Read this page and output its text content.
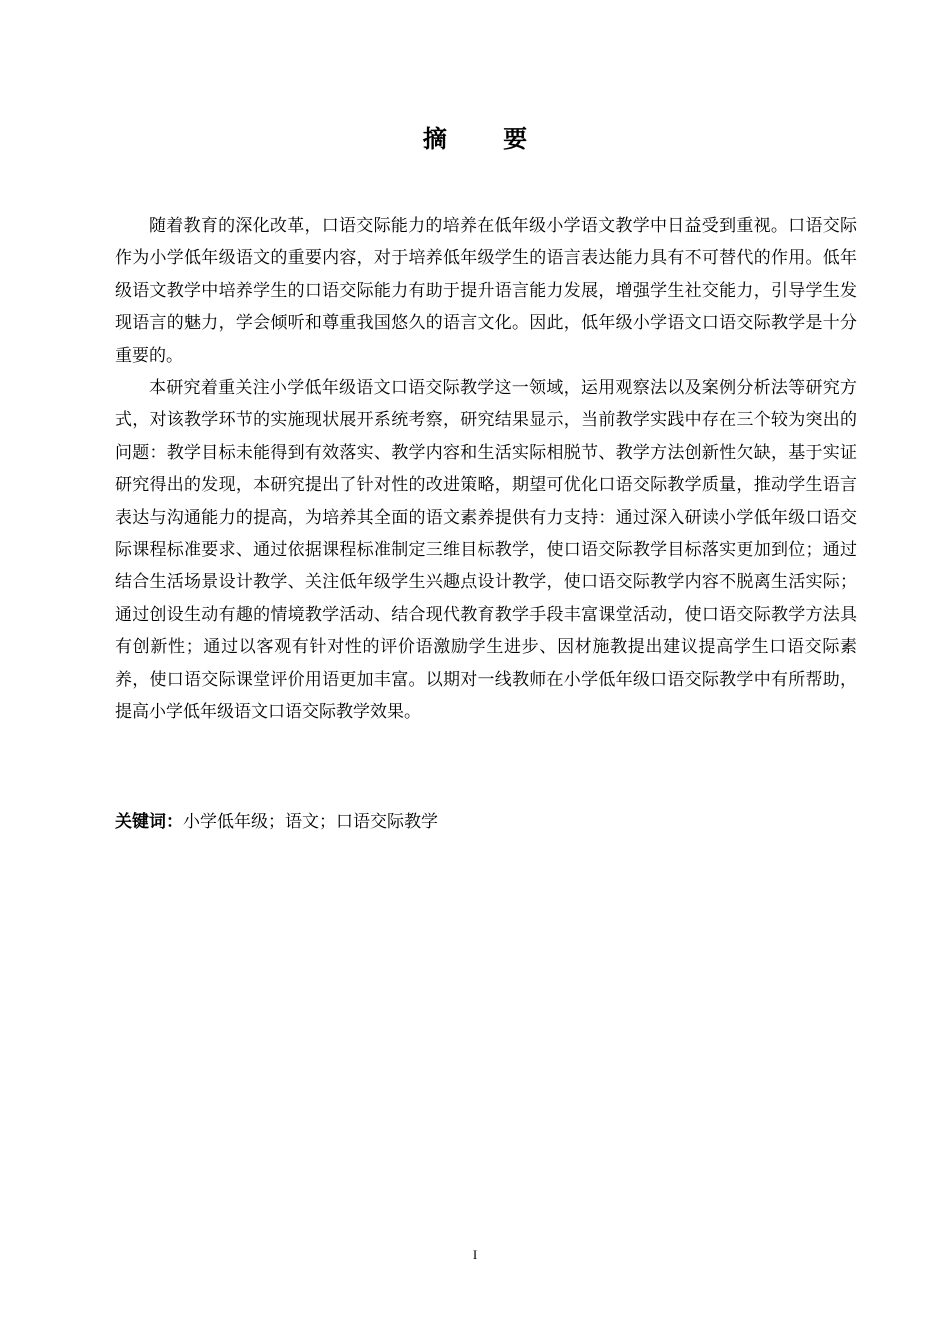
摘 要

随着教育的深化改革，口语交际能力的培养在低年级小学语文教学中日益受到重视。口语交际作为小学低年级语文的重要内容，对于培养低年级学生的语言表达能力具有不可替代的作用。低年级语文教学中培养学生的口语交际能力有助于提升语言能力发展，增强学生社交能力，引导学生发现语言的魅力，学会倾听和尊重我国悠久的语言文化。因此，低年级小学语文口语交际教学是十分重要的。

本研究着重关注小学低年级语文口语交际教学这一领域，运用观察法以及案例分析法等研究方式，对该教学环节的实施现状展开系统考察，研究结果显示，当前教学实践中存在三个较为突出的问题：教学目标未能得到有效落实、教学内容和生活实际相脱节、教学方法创新性欠缺，基于实证研究得出的发现，本研究提出了针对性的改进策略，期望可优化口语交际教学质量，推动学生语言表达与沟通能力的提高，为培养其全面的语文素养提供有力支持：通过深入研读小学低年级口语交际课程标准要求、通过依据课程标准制定三维目标教学，使口语交际教学目标落实更加到位；通过结合生活场景设计教学、关注低年级学生兴趣点设计教学，使口语交际教学内容不脱离生活实际；通过创设生动有趣的情境教学活动、结合现代教育教学手段丰富课堂活动，使口语交际教学方法具有创新性；通过以客观有针对性的评价语激励学生进步、因材施教提出建议提高学生口语交际素养，使口语交际课堂评价用语更加丰富。以期对一线教师在小学低年级口语交际教学中有所帮助，提高小学低年级语文口语交际教学效果。

关键词：小学低年级；语文；口语交际教学
I
